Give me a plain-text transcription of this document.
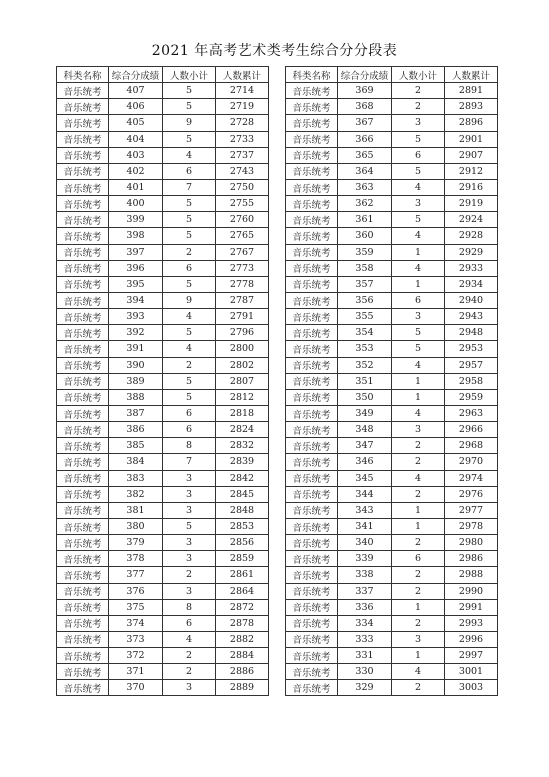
2021 年高考艺术类考生综合分分段表
科类名称	综合分成绩	人数小计	人数累计
音乐统考	407	5	2714
音乐统考	406	5	2719
音乐统考	405	9	2728
音乐统考	404	5	2733
音乐统考	403	4	2737
音乐统考	402	6	2743
音乐统考	401	7	2750
音乐统考	400	5	2755
音乐统考	399	5	2760
音乐统考	398	5	2765
音乐统考	397	2	2767
音乐统考	396	6	2773
音乐统考	395	5	2778
音乐统考	394	9	2787
音乐统考	393	4	2791
音乐统考	392	5	2796
音乐统考	391	4	2800
音乐统考	390	2	2802
音乐统考	389	5	2807
音乐统考	388	5	2812
音乐统考	387	6	2818
音乐统考	386	6	2824
音乐统考	385	8	2832
音乐统考	384	7	2839
音乐统考	383	3	2842
音乐统考	382	3	2845
音乐统考	381	3	2848
音乐统考	380	5	2853
音乐统考	379	3	2856
音乐统考	378	3	2859
音乐统考	377	2	2861
音乐统考	376	3	2864
音乐统考	375	8	2872
音乐统考	374	6	2878
音乐统考	373	4	2882
音乐统考	372	2	2884
音乐统考	371	2	2886
音乐统考	370	3	2889
科类名称	综合分成绩	人数小计	人数累计
音乐统考	369	2	2891
音乐统考	368	2	2893
音乐统考	367	3	2896
音乐统考	366	5	2901
音乐统考	365	6	2907
音乐统考	364	5	2912
音乐统考	363	4	2916
音乐统考	362	3	2919
音乐统考	361	5	2924
音乐统考	360	4	2928
音乐统考	359	1	2929
音乐统考	358	4	2933
音乐统考	357	1	2934
音乐统考	356	6	2940
音乐统考	355	3	2943
音乐统考	354	5	2948
音乐统考	353	5	2953
音乐统考	352	4	2957
音乐统考	351	1	2958
音乐统考	350	1	2959
音乐统考	349	4	2963
音乐统考	348	3	2966
音乐统考	347	2	2968
音乐统考	346	2	2970
音乐统考	345	4	2974
音乐统考	344	2	2976
音乐统考	343	1	2977
音乐统考	341	1	2978
音乐统考	340	2	2980
音乐统考	339	6	2986
音乐统考	338	2	2988
音乐统考	337	2	2990
音乐统考	336	1	2991
音乐统考	334	2	2993
音乐统考	333	3	2996
音乐统考	331	1	2997
音乐统考	330	4	3001
音乐统考	329	2	3003
